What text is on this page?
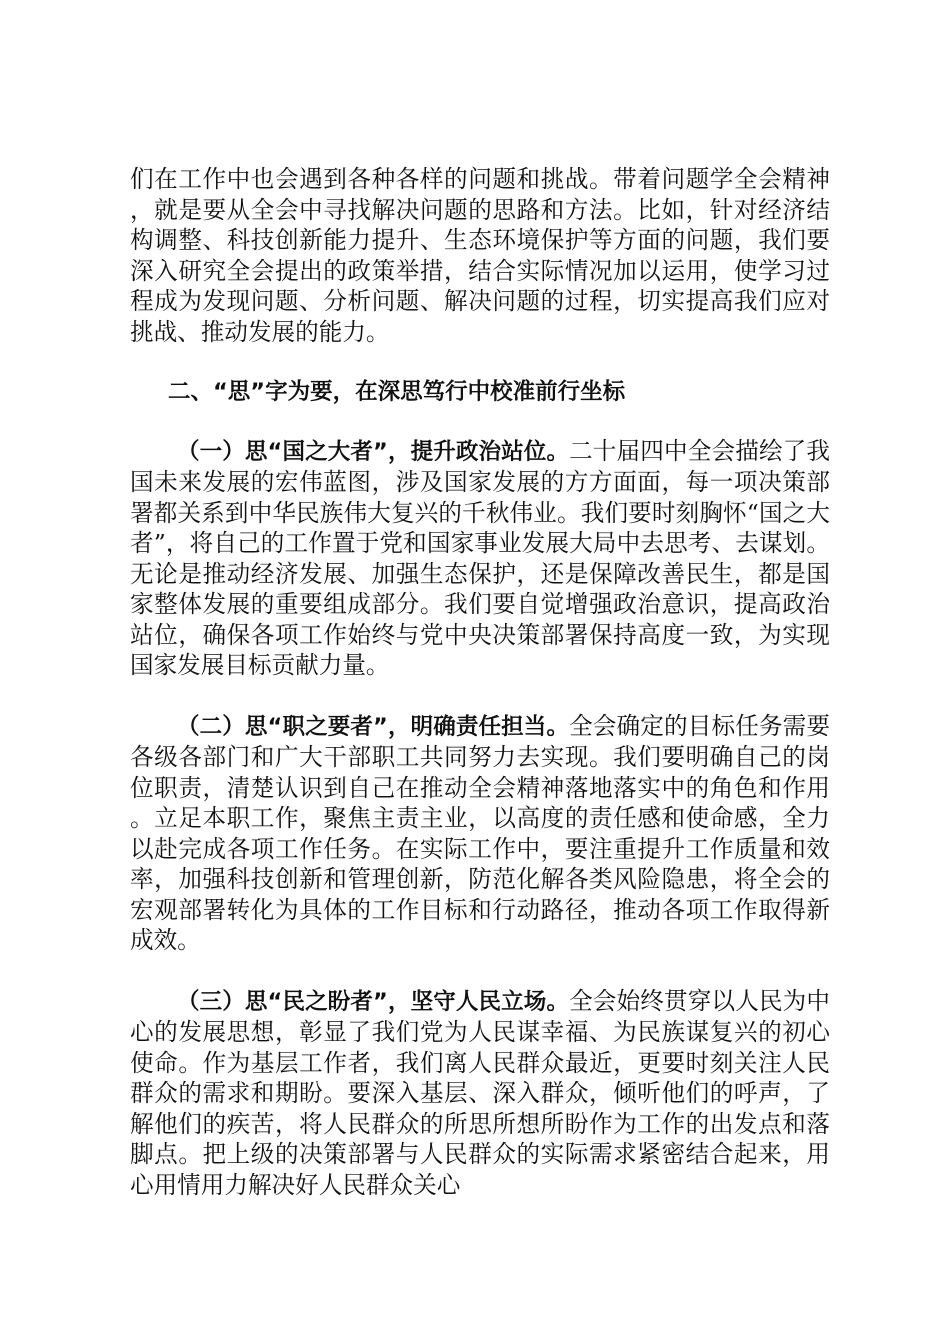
们在工作中也会遇到各种各样的问题和挑战。带着问题学全会精神，就是要从全会中寻找解决问题的思路和方法。比如，针对经济结构调整、科技创新能力提升、生态环境保护等方面的问题，我们要深入研究全会提出的政策举措，结合实际情况加以运用，使学习过程成为发现问题、分析问题、解决问题的过程，切实提高我们应对挑战、推动发展的能力。

二、“思”字为要，在深思笃行中校准前行坐标

（一）思“国之大者”，提升政治站位。二十届四中全会描绘了我国未来发展的宏伟蓝图，涉及国家发展的方方面面，每一项决策部署都关系到中华民族伟大复兴的千秋伟业。我们要时刻胸怀“国之大者”，将自己的工作置于党和国家事业发展大局中去思考、去谋划。无论是推动经济发展、加强生态保护，还是保障改善民生，都是国家整体发展的重要组成部分。我们要自觉增强政治意识，提高政治站位，确保各项工作始终与党中央决策部署保持高度一致，为实现国家发展目标贡献力量。

（二）思“职之要者”，明确责任担当。全会确定的目标任务需要各级各部门和广大干部职工共同努力去实现。我们要明确自己的岗位职责，清楚认识到自己在推动全会精神落地落实中的角色和作用。立足本职工作，聚焦主责主业，以高度的责任感和使命感，全力以赴完成各项工作任务。在实际工作中，要注重提升工作质量和效率，加强科技创新和管理创新，防范化解各类风险隐患，将全会的宏观部署转化为具体的工作目标和行动路径，推动各项工作取得新成效。

（三）思“民之盼者”，坚守人民立场。全会始终贯穿以人民为中心的发展思想，彰显了我们党为人民谋幸福、为民族谋复兴的初心使命。作为基层工作者，我们离人民群众最近，更要时刻关注人民群众的需求和期盼。要深入基层、深入群众，倾听他们的呼声，了解他们的疾苦，将人民群众的所思所想所盼作为工作的出发点和落脚点。把上级的决策部署与人民群众的实际需求紧密结合起来，用心用情用力解决好人民群众关心
